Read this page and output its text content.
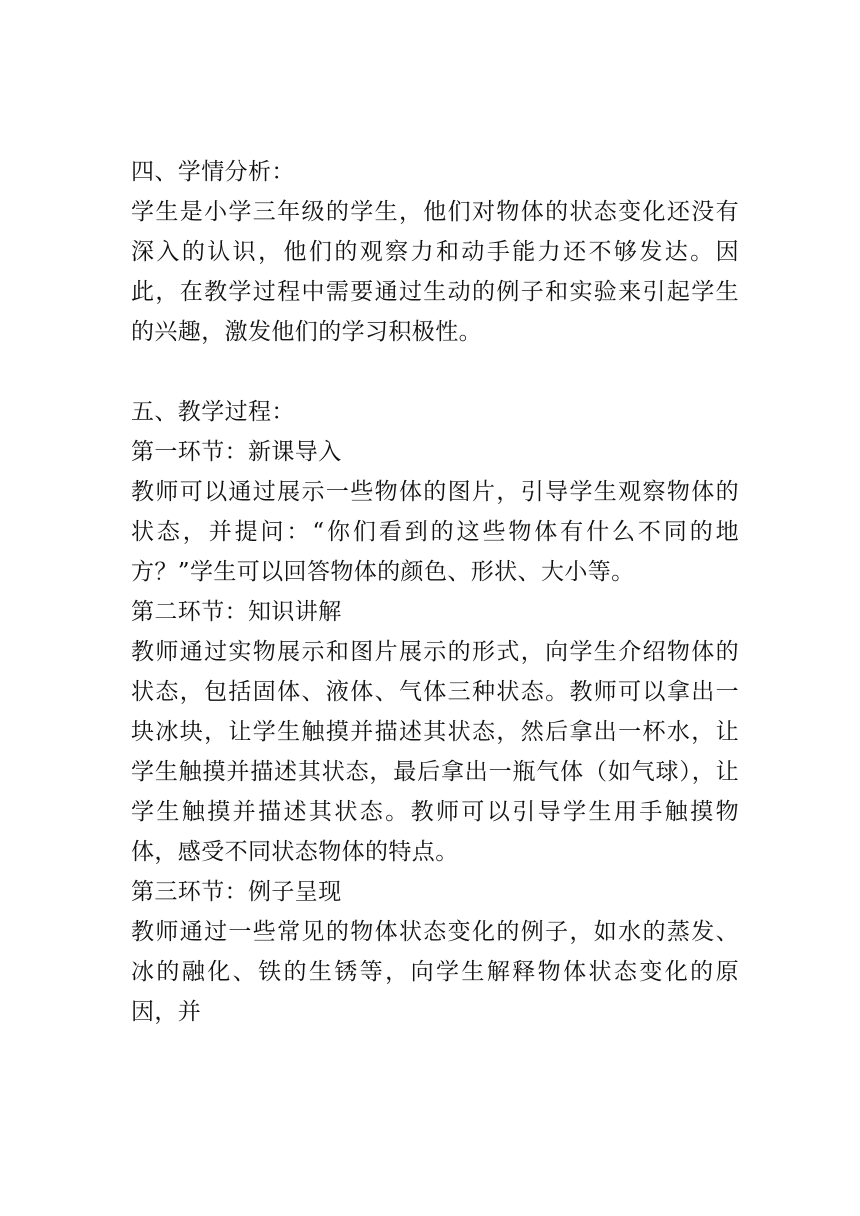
四、学情分析：

学生是小学三年级的学生，他们对物体的状态变化还没有深入的认识，他们的观察力和动手能力还不够发达。因此，在教学过程中需要通过生动的例子和实验来引起学生的兴趣，激发他们的学习积极性。

五、教学过程：

第一环节：新课导入

教师可以通过展示一些物体的图片，引导学生观察物体的状态，并提问：“你们看到的这些物体有什么不同的地方？”学生可以回答物体的颜色、形状、大小等。

第二环节：知识讲解

教师通过实物展示和图片展示的形式，向学生介绍物体的状态，包括固体、液体、气体三种状态。教师可以拿出一块冰块，让学生触摸并描述其状态，然后拿出一杯水，让学生触摸并描述其状态，最后拿出一瓶气体（如气球），让学生触摸并描述其状态。教师可以引导学生用手触摸物体，感受不同状态物体的特点。

第三环节：例子呈现

教师通过一些常见的物体状态变化的例子，如水的蒸发、冰的融化、铁的生锈等，向学生解释物体状态变化的原因，并
